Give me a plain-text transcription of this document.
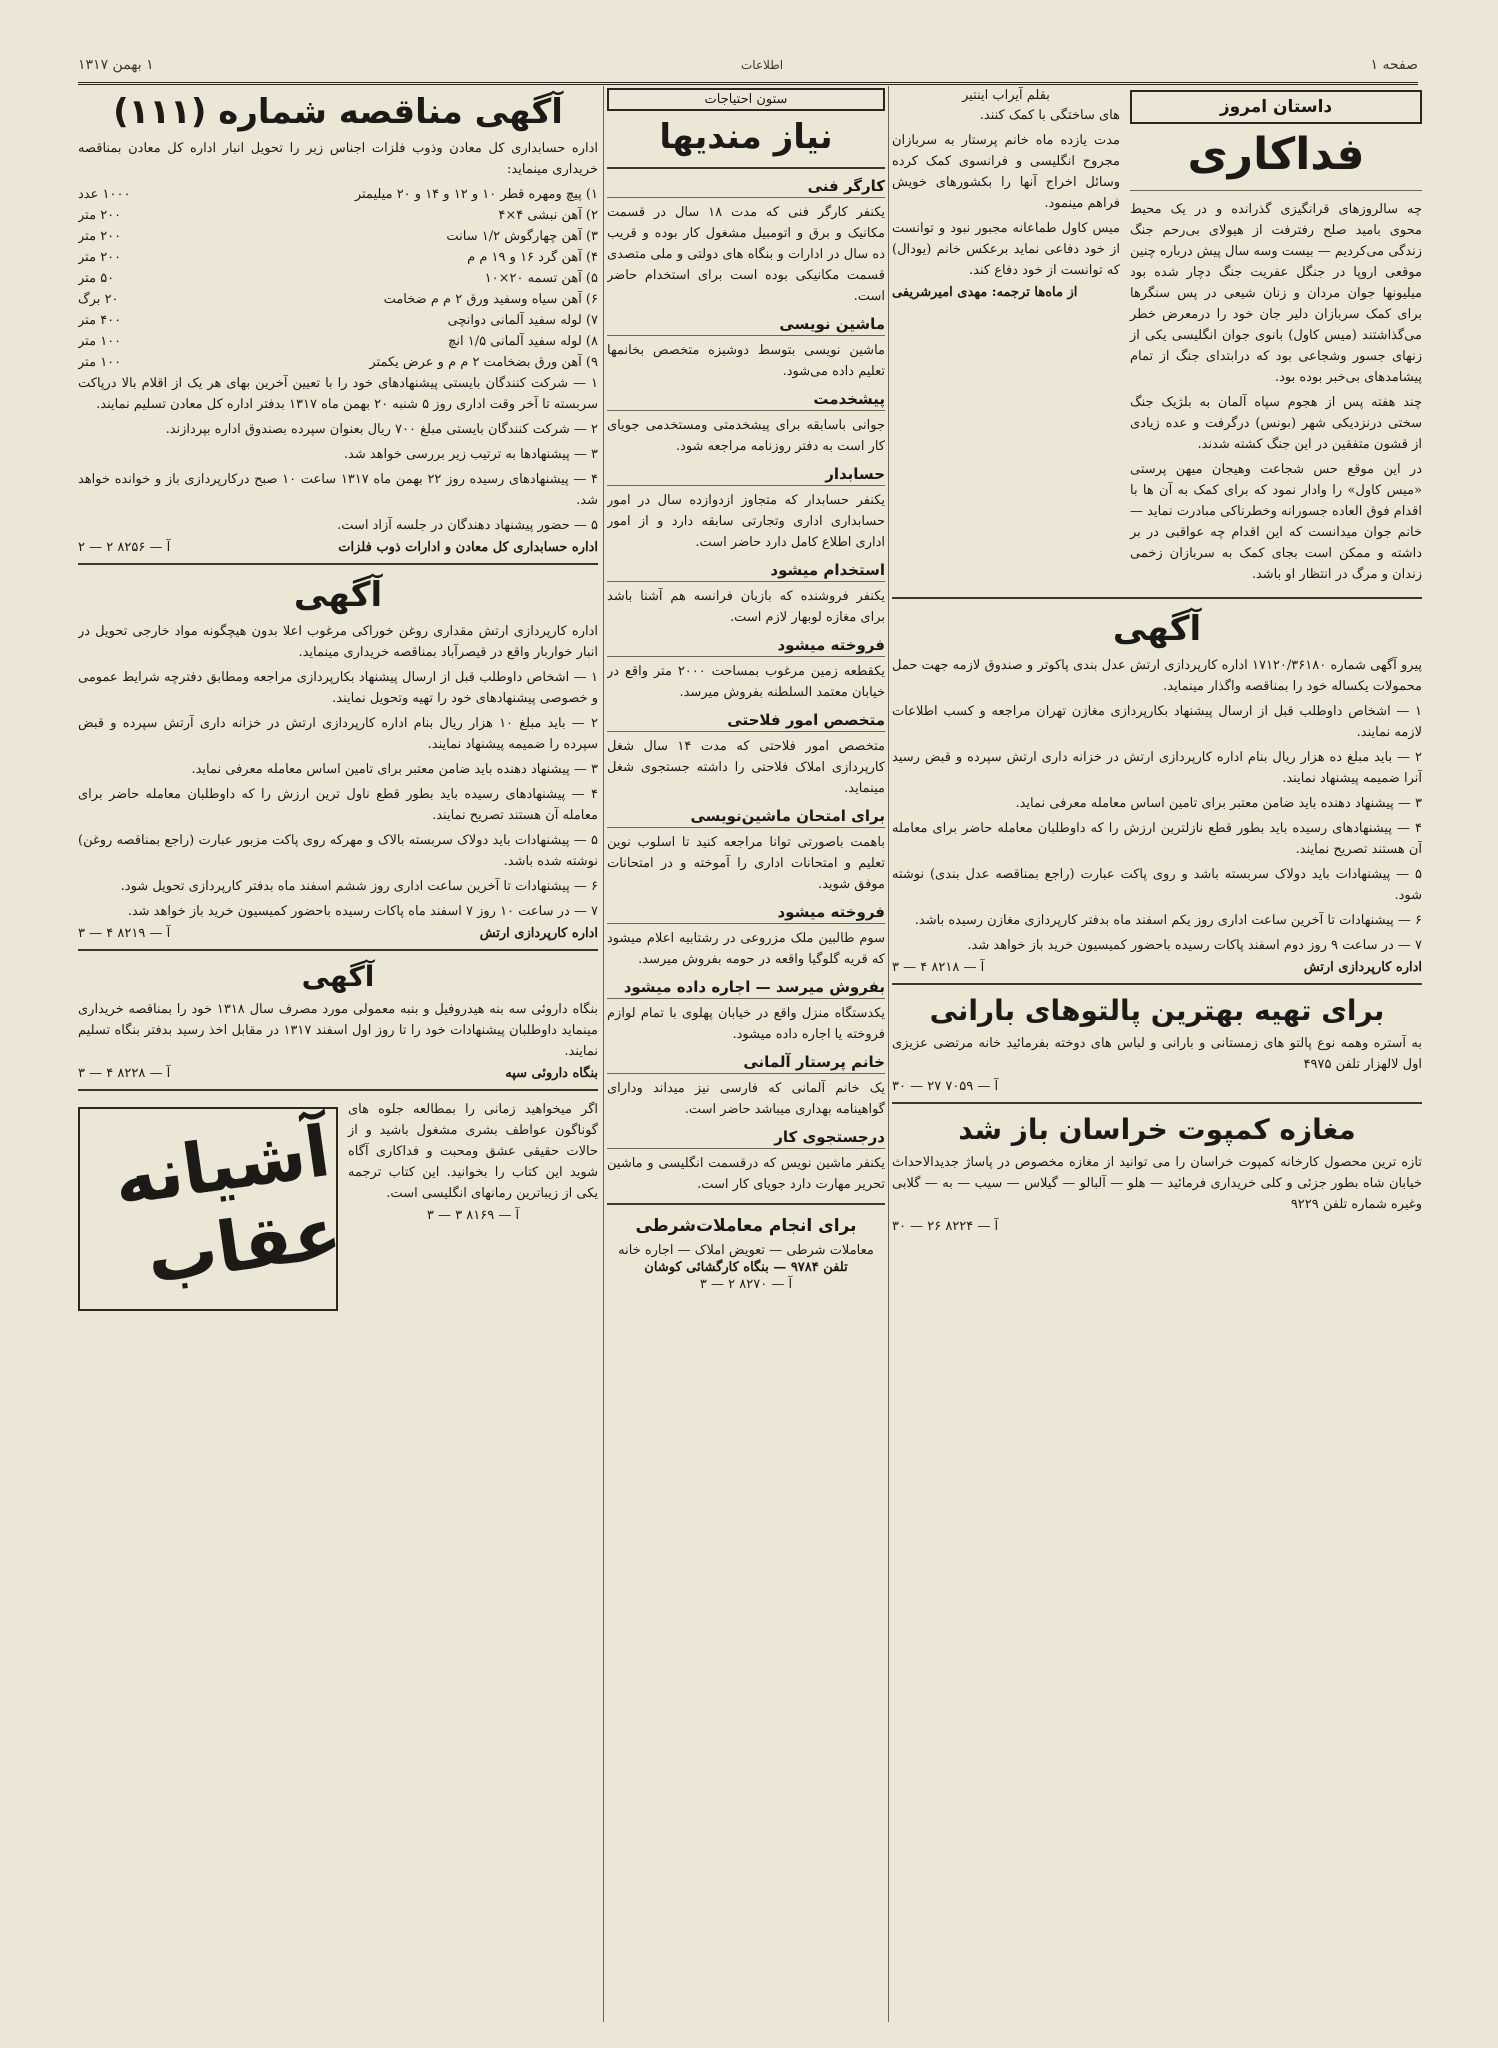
صفحه ۱
اطلاعات
۱ بهمن ۱۳۱۷
داستان امروز
فداکاری

چه سالروزهای قرانگیزی گذرانده و در یک محیط محوی بامید صلح رفترفت از هیولای بی‌رحم جنگ زندگی می‌کردیم — بیست وسه سال پیش درباره چنین موقعی اروپا در جنگل عفریت جنگ دچار شده بود میلیونها جوان مردان و زنان شیعی در پس سنگرها برای کمک سربازان دلیر جان خود را درمعرض خطر می‌گذاشتند (میس کاول) بانوی جوان انگلیسی یکی از زنهای جسور وشجاعی بود که درابتدای جنگ از تمام پیشامدهای بی‌خبر بوده بود.

چند هفته پس از هجوم سپاه آلمان به بلژیک جنگ سختی درنزدیکی شهر (بونس) درگرفت و عده زیادی از قشون متفقین در این جنگ کشته شدند.

در این موقع حس شجاعت وهیجان میهن پرستی «میس کاول» را وادار نمود که برای کمک به آن ها با اقدام فوق العاده جسورانه وخطرناکی مبادرت نماید — خانم جوان میدانست که این اقدام چه عواقبی در بر داشته و ممکن است بجای کمک به سربازان زخمی زندان و مرگ در انتظار او باشد.

بقلم آیراب اینتیر

های ساختگی با کمک کنند.

مدت یازده ماه خانم پرستار به سربازان مجروح انگلیسی و فرانسوی کمک کرده وسائل اخراج آنها را بکشورهای خویش فراهم مینمود.

میس کاول طماعانه مجبور نبود و توانست از خود دفاعی نماید برعکس خانم (یودال) که توانست از خود دفاع کند.

از ماه‌ها ترجمه: مهدی امیرشریفی
آگهی

پیرو آگهی شماره ۱۷۱۲۰/۳۶۱۸۰ اداره کارپردازی ارتش عدل بندی پاکوتر و صندوق لازمه جهت حمل محمولات یکساله خود را بمناقصه واگذار مینماید.

۱ — اشخاص داوطلب قبل از ارسال پیشنهاد بکارپردازی مغازن تهران مراجعه و کسب اطلاعات لازمه نمایند.

۲ — باید مبلغ ده هزار ریال بنام اداره کارپردازی ارتش در خزانه داری ارتش سپرده و قبض رسید آنرا ضمیمه پیشنهاد نمایند.

۳ — پیشنهاد دهنده باید ضامن معتبر برای تامین اساس معامله معرفی نماید.

۴ — پیشنهادهای رسیده باید بطور قطع نازلترین ارزش را که داوطلبان معامله حاضر برای معامله آن هستند تصریح نمایند.

۵ — پیشنهادات باید دولاک سربسته باشد و روی پاکت عبارت (راجع بمناقصه عدل بندی) نوشته شود.

۶ — پیشنهادات تا آخرین ساعت اداری روز یکم اسفند ماه بدفتر کارپردازی مغازن رسیده باشد.

۷ — در ساعت ۹ روز دوم اسفند پاکات رسیده باحضور کمیسیون خرید باز خواهد شد.

اداره کارپردازی ارتش
آ — ۸۲۱۸ ۴ — ۳
برای تهیه بهترین پالتوهای بارانی

به آستره وهمه نوع پالتو های زمستانی و بارانی و لباس های دوخته بفرمائید خانه مرتضی عزیزی اول لالهزار تلفن ۴۹۷۵

آ — ۷۰۵۹ ۲۷ — ۳۰
مغازه کمپوت خراسان باز شد

تازه ترین محصول کارخانه کمپوت خراسان را می توانید از مغازه مخصوص در پاساژ جدیدالاحداث خیابان شاه بطور جزئی و کلی خریداری فرمائید — هلو — آلبالو — گیلاس — سیب — به — گلابی وغیره شماره تلفن ۹۲۲۹

آ — ۸۲۲۴ ۲۶ — ۳۰
ستون احتیاجات
نیاز مندیها
کارگر فنی

یکنفر کارگر فنی که مدت ۱۸ سال در قسمت مکانیک و برق و اتومبیل مشغول کار بوده و قریب ده سال در ادارات و بنگاه های دولتی و ملی متصدی قسمت مکانیکی بوده است برای استخدام حاضر است.

ماشین نویسی

ماشین نویسی بتوسط دوشیزه متخصص بخانمها تعلیم داده می‌شود.

پیشخدمت

جوانی باسابقه برای پیشخدمتی ومستخدمی جویای کار است به دفتر روزنامه مراجعه شود.

حسابدار

یکنفر حسابدار که متجاوز ازدوازده سال در امور حسابداری اداری وتجارتی سابقه دارد و از امور اداری اطلاع کامل دارد حاضر است.

استخدام میشود

یکنفر فروشنده که بازبان فرانسه هم آشنا باشد برای مغازه لوبهار لازم است.

فروخته میشود

یکقطعه زمین مرغوب بمساحت ۲۰۰۰ متر واقع در خیابان معتمد السلطنه بفروش میرسد.

متخصص امور فلاحتی

متخصص امور فلاحتی که مدت ۱۴ سال شغل کارپردازی املاک فلاحتی را داشته جستجوی شغل مینماید.

برای امتحان ماشین‌نویسی

باهمت باصورتی توانا مراجعه کنید تا اسلوب نوین تعلیم و امتحانات اداری را آموخته و در امتحانات موفق شوید.

فروخته میشود

سوم طالبین ملک مزروعی در رشتابیه اعلام میشود که قریه گلوگیا واقعه در حومه بفروش میرسد.

بفروش میرسد — اجاره داده میشود

یکدستگاه منزل واقع در خیابان پهلوی با تمام لوازم فروخته یا اجاره داده میشود.

خانم پرستار آلمانی

یک خانم آلمانی که فارسی نیز میداند ودارای گواهینامه بهداری میباشد حاضر است.

درجستجوی کار

یکنفر ماشین نویس که درقسمت انگلیسی و ماشین تحریر مهارت دارد جویای کار است.

برای انجام معاملات‌شرطی
معاملات شرطی — تعویض املاک — اجاره خانه
تلفن ۹۷۸۴ — بنگاه کارگشائی کوشان
آ — ۸۲۷۰ ۲ — ۳
آگهی مناقصه شماره (۱۱۱)

اداره حسابداری کل معادن وذوب فلزات اجناس زیر را تحویل انبار اداره کل معادن بمناقصه خریداری مینماید:

۱) پیچ ومهره قطر ۱۰ و ۱۲ و ۱۴ و ۲۰ میلیمتر
۱۰۰۰ عدد
۲) آهن نبشی ۴×۴
۲۰۰ متر
۳) آهن چهارگوش ۱/۲ سانت
۲۰۰ متر
۴) آهن گرد ۱۶ و ۱۹ م م
۲۰۰ متر
۵) آهن تسمه ۲۰×۱۰
۵۰ متر
۶) آهن سیاه وسفید ورق ۲ م م ضخامت
۲۰ برگ
۷) لوله سفید آلمانی دوانچی
۴۰۰ متر
۸) لوله سفید آلمانی ۱/۵ انچ
۱۰۰ متر
۹) آهن ورق بضخامت ۲ م م و عرض یکمتر
۱۰۰ متر

۱ — شرکت کنندگان بایستی پیشنهادهای خود را با تعیین آخرین بهای هر یک از اقلام بالا درپاکت سربسته تا آخر وقت اداری روز ۵ شنبه ۲۰ بهمن ماه ۱۳۱۷ بدفتر اداره کل معادن تسلیم نمایند.

۲ — شرکت کنندگان بایستی مبلغ ۷۰۰ ریال بعنوان سپرده بصندوق اداره بپردازند.

۳ — پیشنهادها به ترتیب زیر بررسی خواهد شد.

۴ — پیشنهادهای رسیده روز ۲۲ بهمن ماه ۱۳۱۷ ساعت ۱۰ صبح درکارپردازی باز و خوانده خواهد شد.

۵ — حضور پیشنهاد دهندگان در جلسه آزاد است.

اداره حسابداری کل معادن و ادارات ذوب فلزات
آ — ۸۲۵۶ ۲ — ۲
آگهی

اداره کارپردازی ارتش مقداری روغن خوراکی مرغوب اعلا بدون هیچگونه مواد خارجی تحویل در انبار خواربار واقع در قیصرآباد بمناقصه خریداری مینماید.

۱ — اشخاص داوطلب قبل از ارسال پیشنهاد بکارپردازی مراجعه ومطابق دفترچه شرایط عمومی و خصوصی پیشنهادهای خود را تهیه وتحویل نمایند.

۲ — باید مبلغ ۱۰ هزار ریال بنام اداره کارپردازی ارتش در خزانه داری آرتش سپرده و قبض سپرده را ضمیمه پیشنهاد نمایند.

۳ — پیشنهاد دهنده باید ضامن معتبر برای تامین اساس معامله معرفی نماید.

۴ — پیشنهادهای رسیده باید بطور قطع ناول ترین ارزش را که داوطلبان معامله حاضر برای معامله آن هستند تصریح نمایند.

۵ — پیشنهادات باید دولاک سربسته بالاک و مهرکه روی پاکت مزبور عبارت (راجع بمناقصه روغن) نوشته شده باشد.

۶ — پیشنهادات تا آخرین ساعت اداری روز ششم اسفند ماه بدفتر کارپردازی تحویل شود.

۷ — در ساعت ۱۰ روز ۷ اسفند ماه پاکات رسیده باحضور کمیسیون خرید باز خواهد شد.

اداره کارپردازی ارتش
آ — ۸۲۱۹ ۴ — ۳
آگهی

بنگاه داروئی سه بنه هیدروفیل و بنبه معمولی مورد مصرف سال ۱۳۱۸ خود را بمناقصه خریداری مینماید داوطلبان پیشنهادات خود را تا روز اول اسفند ۱۳۱۷ در مقابل اخذ رسید بدفتر بنگاه تسلیم نمایند.

بنگاه داروئی سپه
آ — ۸۲۲۸ ۴ — ۳

اگر میخواهید زمانی را بمطالعه جلوه های گوناگون عواطف بشری مشغول باشید و از حالات حقیقی عشق ومحبت و فداکاری آگاه شوید این کتاب را بخوانید. این کتاب ترجمه یکی از زیباترین رمانهای انگلیسی است.

آ — ۸۱۶۹ ۳ — ۳
آشیانه عقاب
